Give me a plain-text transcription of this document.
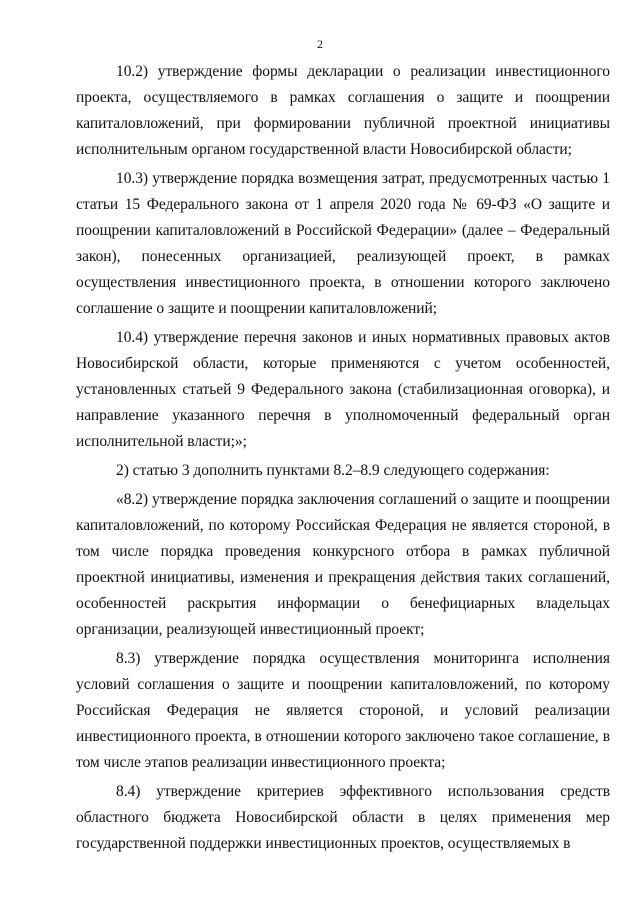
2

10.2) утверждение формы декларации о реализации инвестиционного проекта, осуществляемого в рамках соглашения о защите и поощрении капиталовложений, при формировании публичной проектной инициативы исполнительным органом государственной власти Новосибирской области;

10.3) утверждение порядка возмещения затрат, предусмотренных частью 1 статьи 15 Федерального закона от 1 апреля 2020 года № 69-ФЗ «О защите и поощрении капиталовложений в Российской Федерации» (далее – Федеральный закон), понесенных организацией, реализующей проект, в рамках осуществления инвестиционного проекта, в отношении которого заключено соглашение о защите и поощрении капиталовложений;

10.4) утверждение перечня законов и иных нормативных правовых актов Новосибирской области, которые применяются с учетом особенностей, установленных статьей 9 Федерального закона (стабилизационная оговорка), и направление указанного перечня в уполномоченный федеральный орган исполнительной власти;»;

2) статью 3 дополнить пунктами 8.2–8.9 следующего содержания:

«8.2) утверждение порядка заключения соглашений о защите и поощрении капиталовложений, по которому Российская Федерация не является стороной, в том числе порядка проведения конкурсного отбора в рамках публичной проектной инициативы, изменения и прекращения действия таких соглашений, особенностей раскрытия информации о бенефициарных владельцах организации, реализующей инвестиционный проект;

8.3) утверждение порядка осуществления мониторинга исполнения условий соглашения о защите и поощрении капиталовложений, по которому Российская Федерация не является стороной, и условий реализации инвестиционного проекта, в отношении которого заключено такое соглашение, в том числе этапов реализации инвестиционного проекта;

8.4) утверждение критериев эффективного использования средств областного бюджета Новосибирской области в целях применения мер государственной поддержки инвестиционных проектов, осуществляемых в
